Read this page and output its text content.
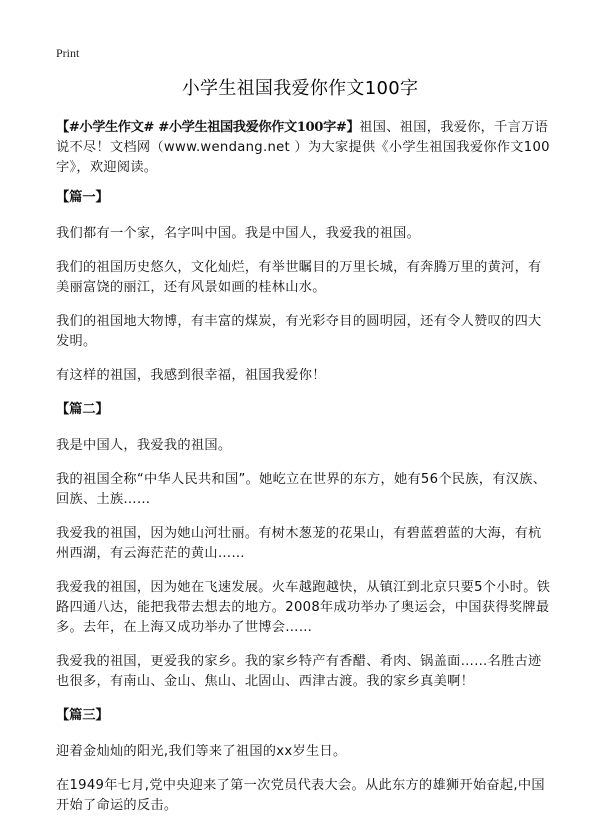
Print
小学生祖国我爱你作文100字

【#小学生作文# #小学生祖国我爱你作文100字#】祖国、祖国，我爱你，千言万语说不尽！文档网（www.wendang.net ）为大家提供《小学生祖国我爱你作文100字》，欢迎阅读。

【篇一】

我们都有一个家，名字叫中国。我是中国人，我爱我的祖国。

我们的祖国历史悠久，文化灿烂，有举世瞩目的万里长城，有奔腾万里的黄河，有美丽富饶的丽江，还有风景如画的桂林山水。

我们的祖国地大物博，有丰富的煤炭，有光彩夺目的圆明园，还有令人赞叹的四大发明。

有这样的祖国，我感到很幸福，祖国我爱你！

【篇二】

我是中国人，我爱我的祖国。

我的祖国全称“中华人民共和国”。她屹立在世界的东方，她有56个民族，有汉族、回族、土族……

我爱我的祖国，因为她山河壮丽。有树木葱茏的花果山，有碧蓝碧蓝的大海，有杭州西湖，有云海茫茫的黄山……

我爱我的祖国，因为她在飞速发展。火车越跑越快，从镇江到北京只要5个小时。铁路四通八达，能把我带去想去的地方。2008年成功举办了奥运会，中国获得奖牌最多。去年，在上海又成功举办了世博会……

我爱我的祖国，更爱我的家乡。我的家乡特产有香醋、肴肉、锅盖面……名胜古迹也很多，有南山、金山、焦山、北固山、西津古渡。我的家乡真美啊！

【篇三】

迎着金灿灿的阳光,我们等来了祖国的xx岁生日。

在1949年七月,党中央迎来了第一次党员代表大会。从此东方的雄狮开始奋起,中国开始了命运的反击。
